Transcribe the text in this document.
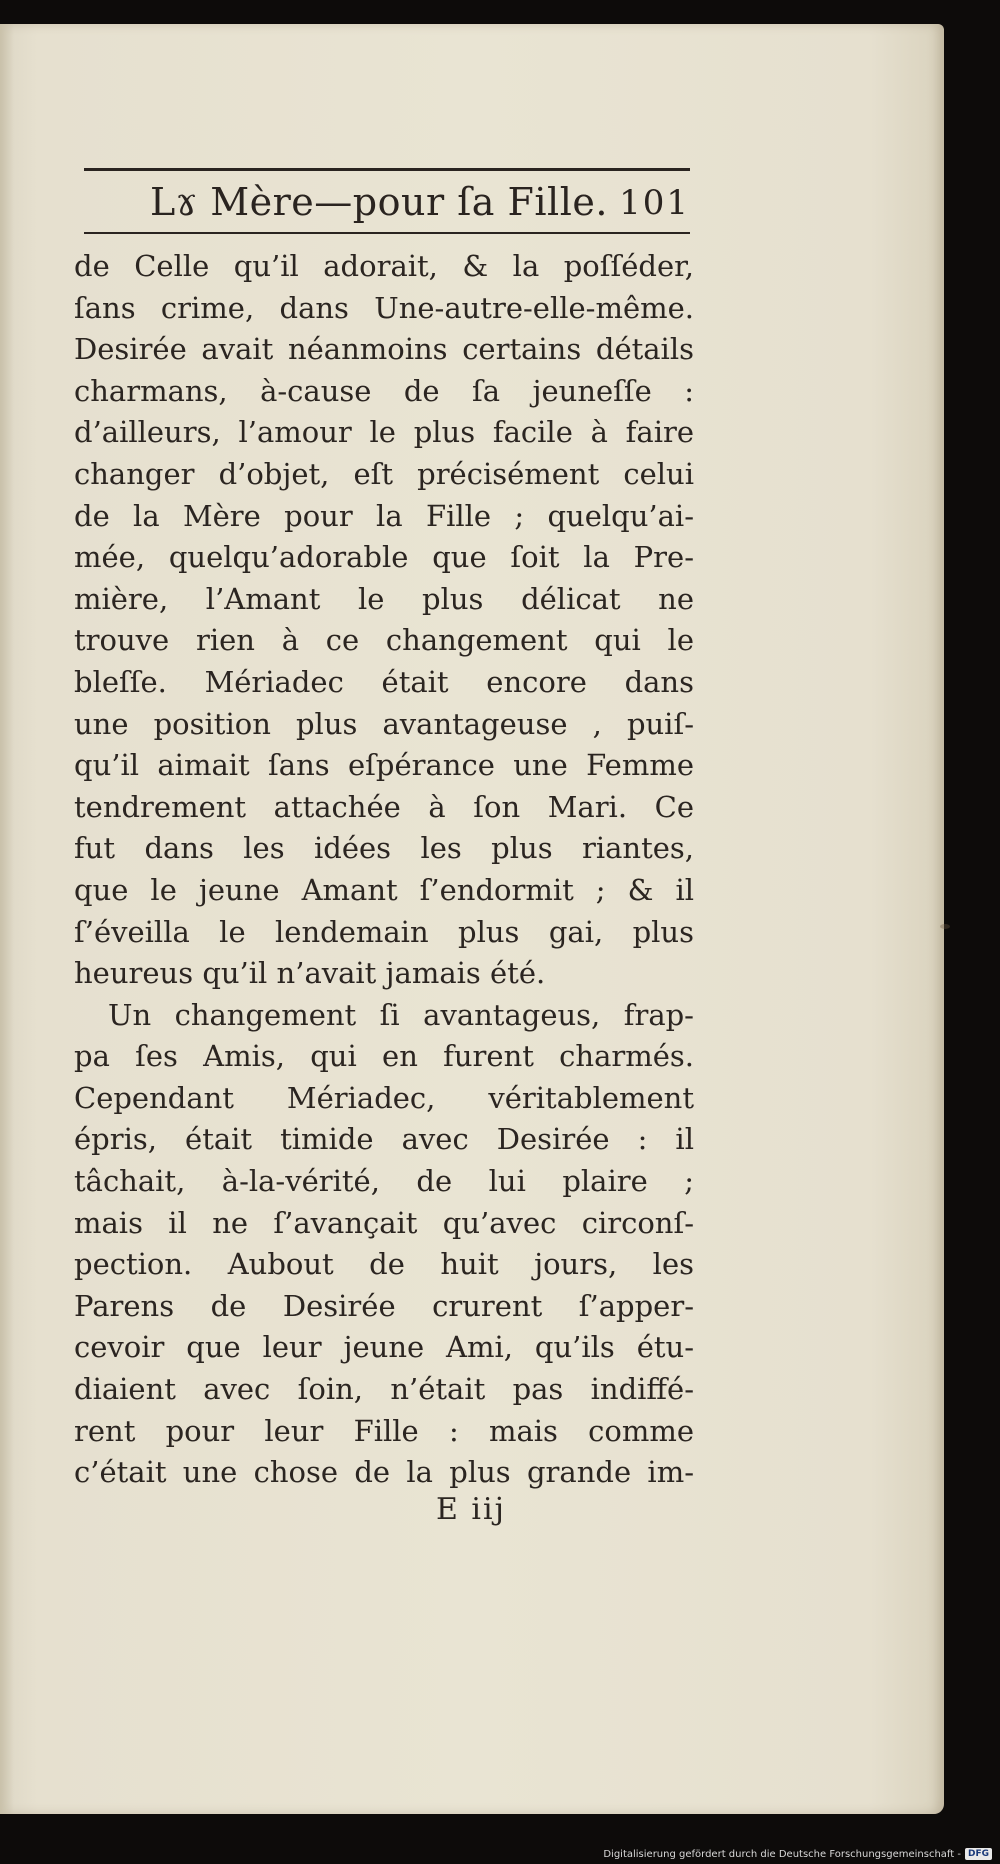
Lɤ Mère—pour ſa Fille. 101
de Celle qu’il adorait, & la poſſéder,
ſans crime, dans Une-autre-elle-même.
Desirée avait néanmoins certains détails
charmans, à-cause de ſa jeuneſſe :
d’ailleurs, l’amour le plus facile à faire
changer d’objet, eſt précisément celui
de la Mère pour la Fille ; quelqu’ai-
mée, quelqu’adorable que ſoit la Pre-
mière, l’Amant le plus délicat ne
trouve rien à ce changement qui le
bleſſe. Mériadec était encore dans
une position plus avantageuse , puiſ-
qu’il aimait ſans eſpérance une Femme
tendrement attachée à ſon Mari. Ce
fut dans les idées les plus riantes,
que le jeune Amant ſ’endormit ; & il
ſ’éveilla le lendemain plus gai, plus
heureus qu’il n’avait jamais été.
Un changement ſi avantageus, frap-
pa ſes Amis, qui en furent charmés.
Cependant Mériadec, véritablement
épris, était timide avec Desirée : il
tâchait, à-la-vérité, de lui plaire ;
mais il ne ſ’avançait qu’avec circonſ-
pection. Aubout de huit jours, les
Parens de Desirée crurent ſ’apper-
cevoir que leur jeune Ami, qu’ils étu-
diaient avec ſoin, n’était pas indiffé-
rent pour leur Fille : mais comme
c’était une chose de la plus grande im-
E iij
Digitalisierung gefördert durch die Deutsche Forschungsgemeinschaft - DFG
